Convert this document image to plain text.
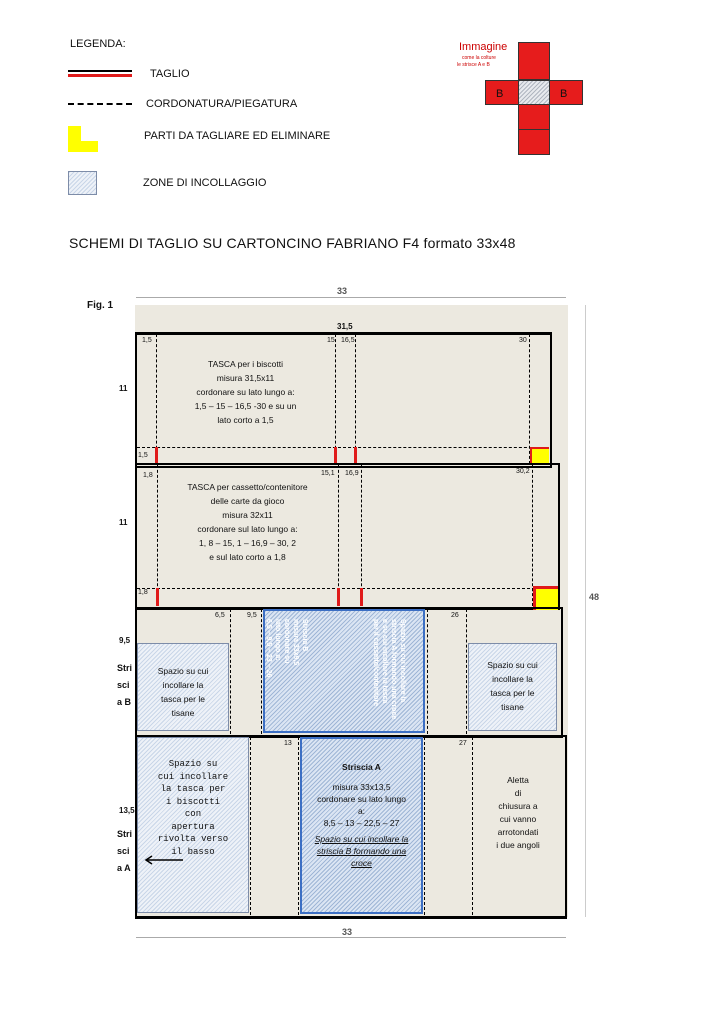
LEGENDA:
TAGLIO
CORDONATURA/PIEGATURA
PARTI DA TAGLIARE ED ELIMINARE
ZONE DI INCOLLAGGIO
Immagine
come la colture
le strisce A e B
B	B
SCHEMI DI TAGLIO SU CARTONCINO FABRIANO F4 formato 33x48
Fig. 1
33
33
48
31,5
11
1,5	15 16,5	30
1,5
TASCA per i biscotti
misura 31,5x11
cordonare su lato lungo a:
1,5 – 15 – 16,5 -30 e su un
lato corto a 1,5
11
1,8	15,1 16,9	30,2
1,8
TASCA per cassetto/contenitore
delle carte da gioco
misura 32x11
cordonare sul lato lungo a:
1, 8 – 15, 1 – 16,9 – 30, 2
e sul lato corto a 1,8
6,5	9,5	26
9,5
Striscia B
Spazio su cui
incollare la
tasca per le
tisane
Spazio su cui
incollare la
tasca per le
tisane
Striscia B
misura 33x9,5
cordonare su
lato lungo a:
6,5 – 9,5 – 23 – 26	Spazio su cui incollare la
striscia A formando una croce
e su cui incollare la tasca
per il cassetto/contenitore
13	27
13,5
Striscia A
Spazio su
cui incollare
la tasca per
i biscotti
con
apertura
rivolta verso
il basso
Striscia A
misura 33x13,5
cordonare su lato lungo
a:
8,5 – 13 – 22,5 – 27
Spazio su cui incollare la
striscia B formando una
croce
Aletta
di
chiusura a
cui vanno
arrotondati
i due angoli
